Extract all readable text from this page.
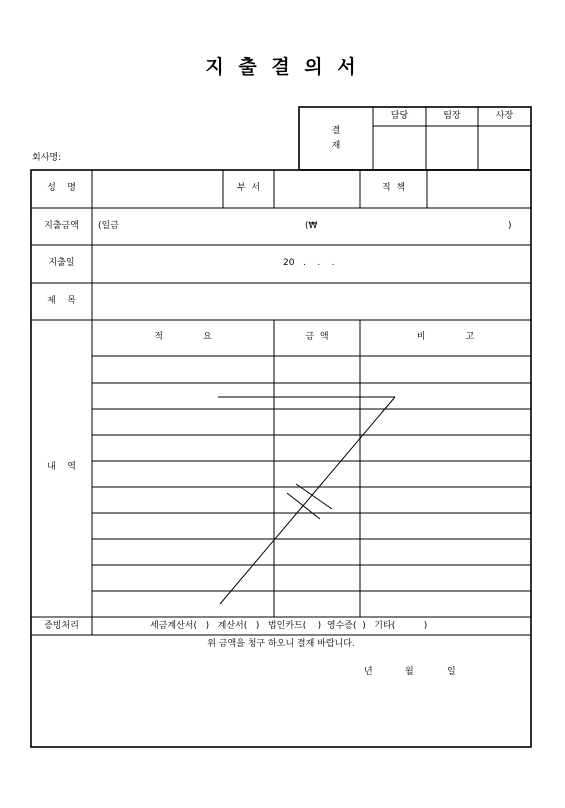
지 출 결 의 서
회사명:
결
재
담당	팀장	사장
성    명	부  서	직  책
지출금액	(일금	(₩	)
지출일	20   .    .    .
제    목
내    역
적              요	금  액	비              고
증빙처리	세금계산서(   )   계산서(   )   법인카드(    )  영수증(  )   기타(          )
위 금액을 청구 하오니 결재 바랍니다.
년	월	일
